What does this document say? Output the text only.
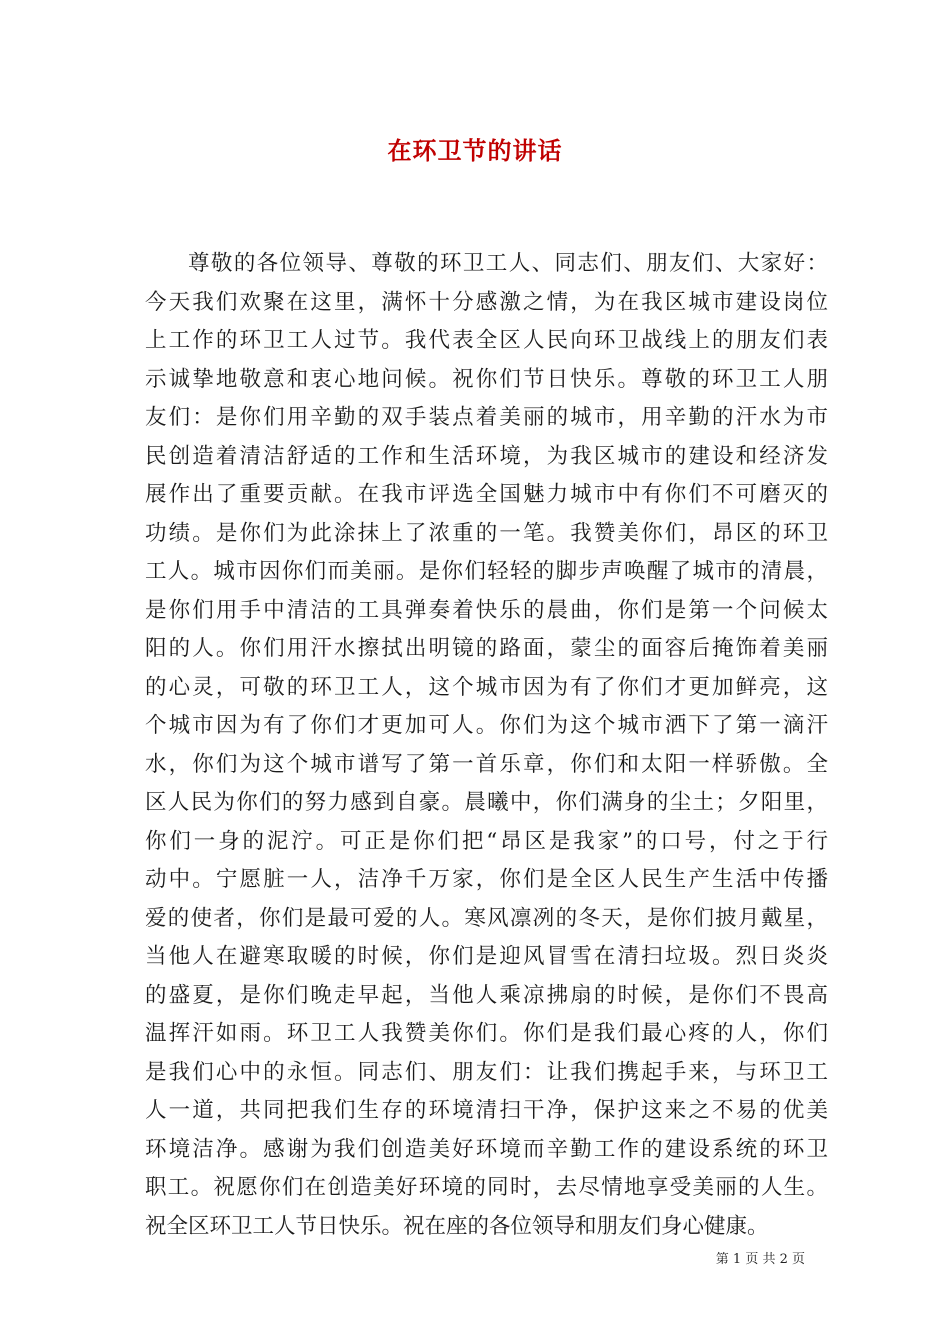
在环卫节的讲话
尊敬的各位领导、尊敬的环卫工人、同志们、朋友们、大家好：
今天我们欢聚在这里，满怀十分感激之情，为在我区城市建设岗位
上工作的环卫工人过节。我代表全区人民向环卫战线上的朋友们表
示诚挚地敬意和衷心地问候。祝你们节日快乐。尊敬的环卫工人朋
友们：是你们用辛勤的双手装点着美丽的城市，用辛勤的汗水为市
民创造着清洁舒适的工作和生活环境，为我区城市的建设和经济发
展作出了重要贡献。在我市评选全国魅力城市中有你们不可磨灭的
功绩。是你们为此涂抹上了浓重的一笔。我赞美你们，昂区的环卫
工人。城市因你们而美丽。是你们轻轻的脚步声唤醒了城市的清晨，
是你们用手中清洁的工具弹奏着快乐的晨曲，你们是第一个问候太
阳的人。你们用汗水擦拭出明镜的路面，蒙尘的面容后掩饰着美丽
的心灵，可敬的环卫工人，这个城市因为有了你们才更加鲜亮，这
个城市因为有了你们才更加可人。你们为这个城市洒下了第一滴汗
水，你们为这个城市谱写了第一首乐章，你们和太阳一样骄傲。全
区人民为你们的努力感到自豪。晨曦中，你们满身的尘土；夕阳里，
你们一身的泥泞。可正是你们把“昂区是我家”的口号，付之于行
动中。宁愿脏一人，洁净千万家，你们是全区人民生产生活中传播
爱的使者，你们是最可爱的人。寒风凛冽的冬天，是你们披月戴星，
当他人在避寒取暖的时候，你们是迎风冒雪在清扫垃圾。烈日炎炎
的盛夏，是你们晚走早起，当他人乘凉拂扇的时候，是你们不畏高
温挥汗如雨。环卫工人我赞美你们。你们是我们最心疼的人，你们
是我们心中的永恒。同志们、朋友们：让我们携起手来，与环卫工
人一道，共同把我们生存的环境清扫干净，保护这来之不易的优美
环境洁净。感谢为我们创造美好环境而辛勤工作的建设系统的环卫
职工。祝愿你们在创造美好环境的同时，去尽情地享受美丽的人生。
祝全区环卫工人节日快乐。祝在座的各位领导和朋友们身心健康。
第 1 页 共 2 页
